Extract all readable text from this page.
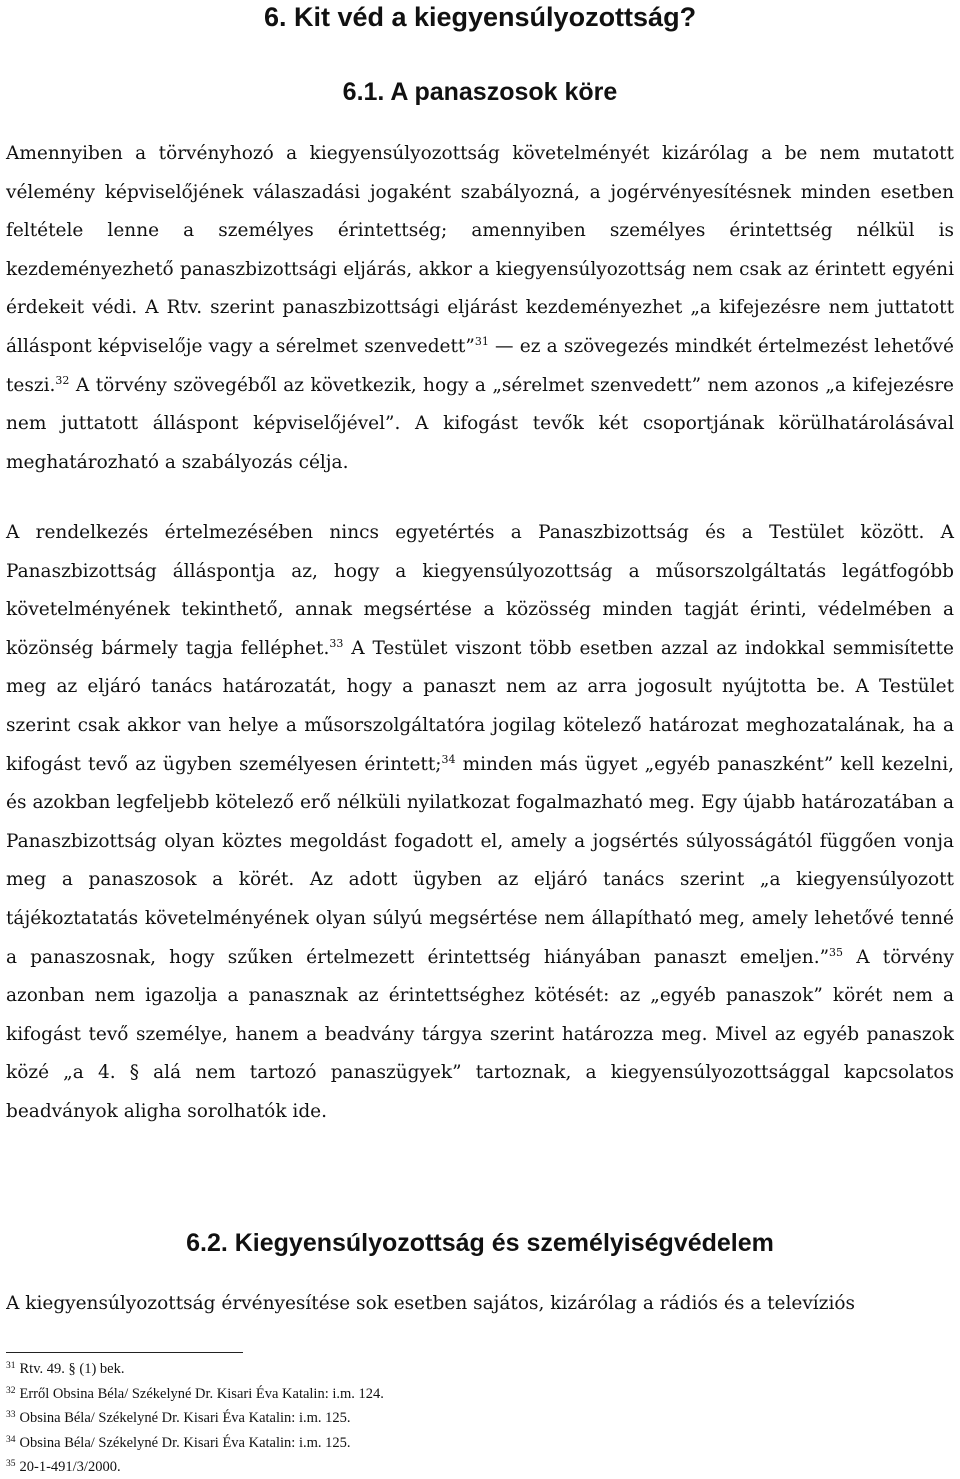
6. Kit véd a kiegyensúlyozottság?
6.1. A panaszosok köre

Amennyiben a törvényhozó a kiegyensúlyozottság követelményét kizárólag a be nem mutatott vélemény képviselőjének válaszadási jogaként szabályozná, a jogérvényesítésnek minden esetben feltétele lenne a személyes érintettség; amennyiben személyes érintettség nélkül is kezdeményezhető panaszbizottsági eljárás, akkor a kiegyensúlyozottság nem csak az érintett egyéni érdekeit védi. A Rtv. szerint panaszbizottsági eljárást kezdeményezhet „a kifejezésre nem juttatott álláspont képviselője vagy a sérelmet szenvedett”$^{31}$ — ez a szövegezés mindkét értelmezést lehetővé teszi.$^{32}$ A törvény szövegéből az következik, hogy a „sérelmet szenvedett” nem azonos „a kifejezésre nem juttatott álláspont képviselőjével”. A kifogást tevők két csoportjának körülhatárolásával meghatározható a szabályozás célja.

A rendelkezés értelmezésében nincs egyetértés a Panaszbizottság és a Testület között. A Panaszbizottság álláspontja az, hogy a kiegyensúlyozottság a műsorszolgáltatás legátfogóbb követelményének tekinthető, annak megsértése a közösség minden tagját érinti, védelmében a közönség bármely tagja felléphet.$^{33}$ A Testület viszont több esetben azzal az indokkal semmisítette meg az eljáró tanács határozatát, hogy a panaszt nem az arra jogosult nyújtotta be. A Testület szerint csak akkor van helye a műsorszolgáltatóra jogilag kötelező határozat meghozatalának, ha a kifogást tevő az ügyben személyesen érintett;$^{34}$ minden más ügyet „egyéb panaszként” kell kezelni, és azokban legfeljebb kötelező erő nélküli nyilatkozat fogalmazható meg. Egy újabb határozatában a Panaszbizottság olyan köztes megoldást fogadott el, amely a jogsértés súlyosságától függően vonja meg a panaszosok a körét. Az adott ügyben az eljáró tanács szerint „a kiegyensúlyozott tájékoztatatás követelményének olyan súlyú megsértése nem állapítható meg, amely lehetővé tenné a panaszosnak, hogy szűken értelmezett érintettség hiányában panaszt emeljen.”$^{35}$ A törvény azonban nem igazolja a panasznak az érintettséghez kötését: az „egyéb panaszok” körét nem a kifogást tevő személye, hanem a beadvány tárgya szerint határozza meg. Mivel az egyéb panaszok közé „a 4. § alá nem tartozó panaszügyek” tartoznak, a kiegyensúlyozottsággal kapcsolatos beadványok aligha sorolhatók ide.

6.2. Kiegyensúlyozottság és személyiségvédelem

A kiegyensúlyozottság érvényesítése sok esetben sajátos, kizárólag a rádiós és a televíziós

$^{31}$ Rtv. 49. § (1) bek.
$^{32}$ Erről Obsina Béla/ Székelyné Dr. Kisari Éva Katalin: i.m. 124.
$^{33}$ Obsina Béla/ Székelyné Dr. Kisari Éva Katalin: i.m. 125.
$^{34}$ Obsina Béla/ Székelyné Dr. Kisari Éva Katalin: i.m. 125.
$^{35}$ 20-1-491/3/2000.
